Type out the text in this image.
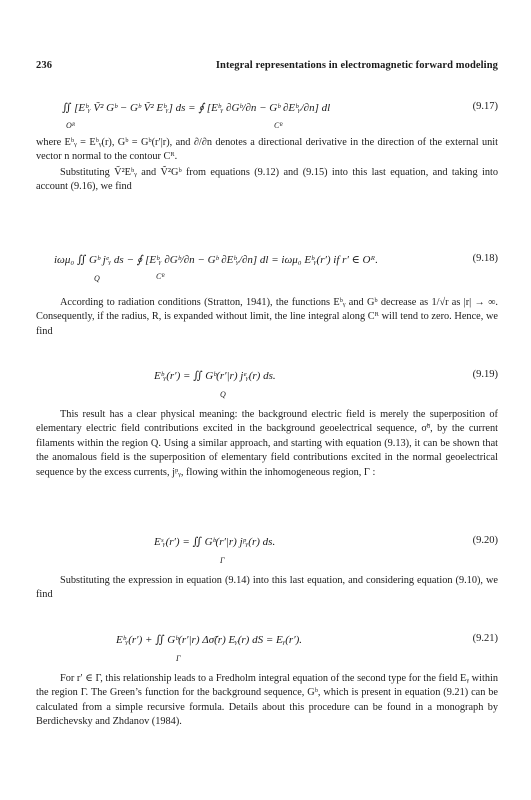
236	Integral representations in electromagnetic forward modeling
∬ [Eᵇᵧ Ṽ² Gᵇ − Gᵇ Ṽ² Eᵇᵧ] ds = ∮ [Eᵇᵧ ∂Gᵇ/∂n − Gᵇ ∂Eᵇᵧ/∂n] dl
Oᴿ	Cᴿ
(9.17)

where Eᵇᵧ = Eᵇᵧ(r), Gᵇ = Gᵇ(r′|r), and ∂/∂n denotes a directional derivative in the direction of the external unit vector n normal to the contour Cᴿ.

Substituting Ṽ²Eᵇᵧ and Ṽ²Gᵇ from equations (9.12) and (9.15) into this last equation, and taking into account (9.16), we find

iωμ₀ ∬ Gᵇ jᵉᵧ ds − ∮ [Eᵇᵧ ∂Gᵇ/∂n − Gᵇ ∂Eᵇᵧ/∂n] dl = iωμ₀ Eᵇᵧ(r′) if r′ ∈ Oᴿ.
Q	Cᴿ
(9.18)

According to radiation conditions (Stratton, 1941), the functions Eᵇᵧ and Gᵇ decrease as 1/√r as |r| → ∞. Consequently, if the radius, R, is expanded without limit, the line integral along Cᴿ will tend to zero. Hence, we find

Eᵇᵧ(r′) = ∬ Gᵇ(r′|r) jᵉᵧ(r) ds.
Q
(9.19)

This result has a clear physical meaning: the background electric field is merely the superposition of elementary electric field contributions excited in the background geoelectrical sequence, σ̃ᵇ, by the current filaments within the region Q. Using a similar approach, and starting with equation (9.13), it can be shown that the anomalous field is the superposition of elementary field contributions excited in the normal geoelectrical sequence by the excess currents, jᵖᵧ, flowing within the inhomogeneous region, Γ :

Eˢᵧ(r′) = ∬ Gᵇ(r′|r) jᵖᵧ(r) ds.
Γ
(9.20)

Substituting the expression in equation (9.14) into this last equation, and considering equation (9.10), we find

Eᵇᵧ(r′) + ∬ Gᵇ(r′|r) Δσ̃(r) Eᵧ(r) dS = Eᵧ(r′).
Γ
(9.21)

For r′ ∈ Γ, this relationship leads to a Fredholm integral equation of the second type for the field Eᵧ within the region Γ. The Green’s function for the background sequence, Gᵇ, which is present in equation (9.21) can be calculated from a simple recursive formula. Details about this procedure can be found in a monograph by Berdichevsky and Zhdanov (1984).
